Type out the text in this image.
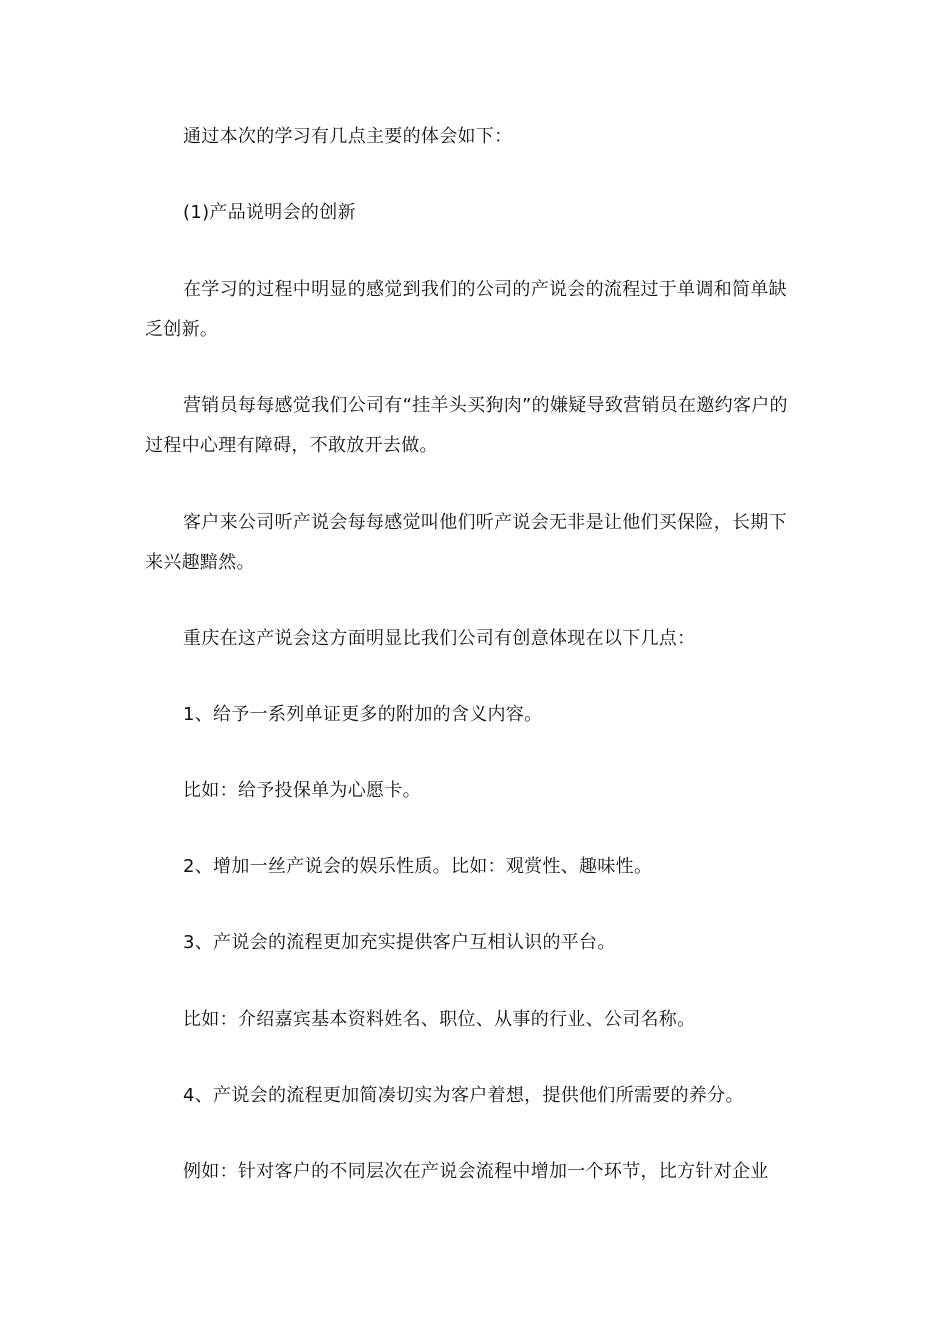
通过本次的学习有几点主要的体会如下：

(1)产品说明会的创新

在学习的过程中明显的感觉到我们的公司的产说会的流程过于单调和简单缺乏创新。

营销员每每感觉我们公司有“挂羊头买狗肉”的嫌疑导致营销员在邀约客户的过程中心理有障碍，不敢放开去做。

客户来公司听产说会每每感觉叫他们听产说会无非是让他们买保险，长期下来兴趣黯然。

重庆在这产说会这方面明显比我们公司有创意体现在以下几点：

1、给予一系列单证更多的附加的含义内容。

比如：给予投保单为心愿卡。

2、增加一丝产说会的娱乐性质。比如：观赏性、趣味性。

3、产说会的流程更加充实提供客户互相认识的平台。

比如：介绍嘉宾基本资料姓名、职位、从事的行业、公司名称。

4、产说会的流程更加简凑切实为客户着想，提供他们所需要的养分。

例如：针对客户的不同层次在产说会流程中增加一个环节，比方针对企业
